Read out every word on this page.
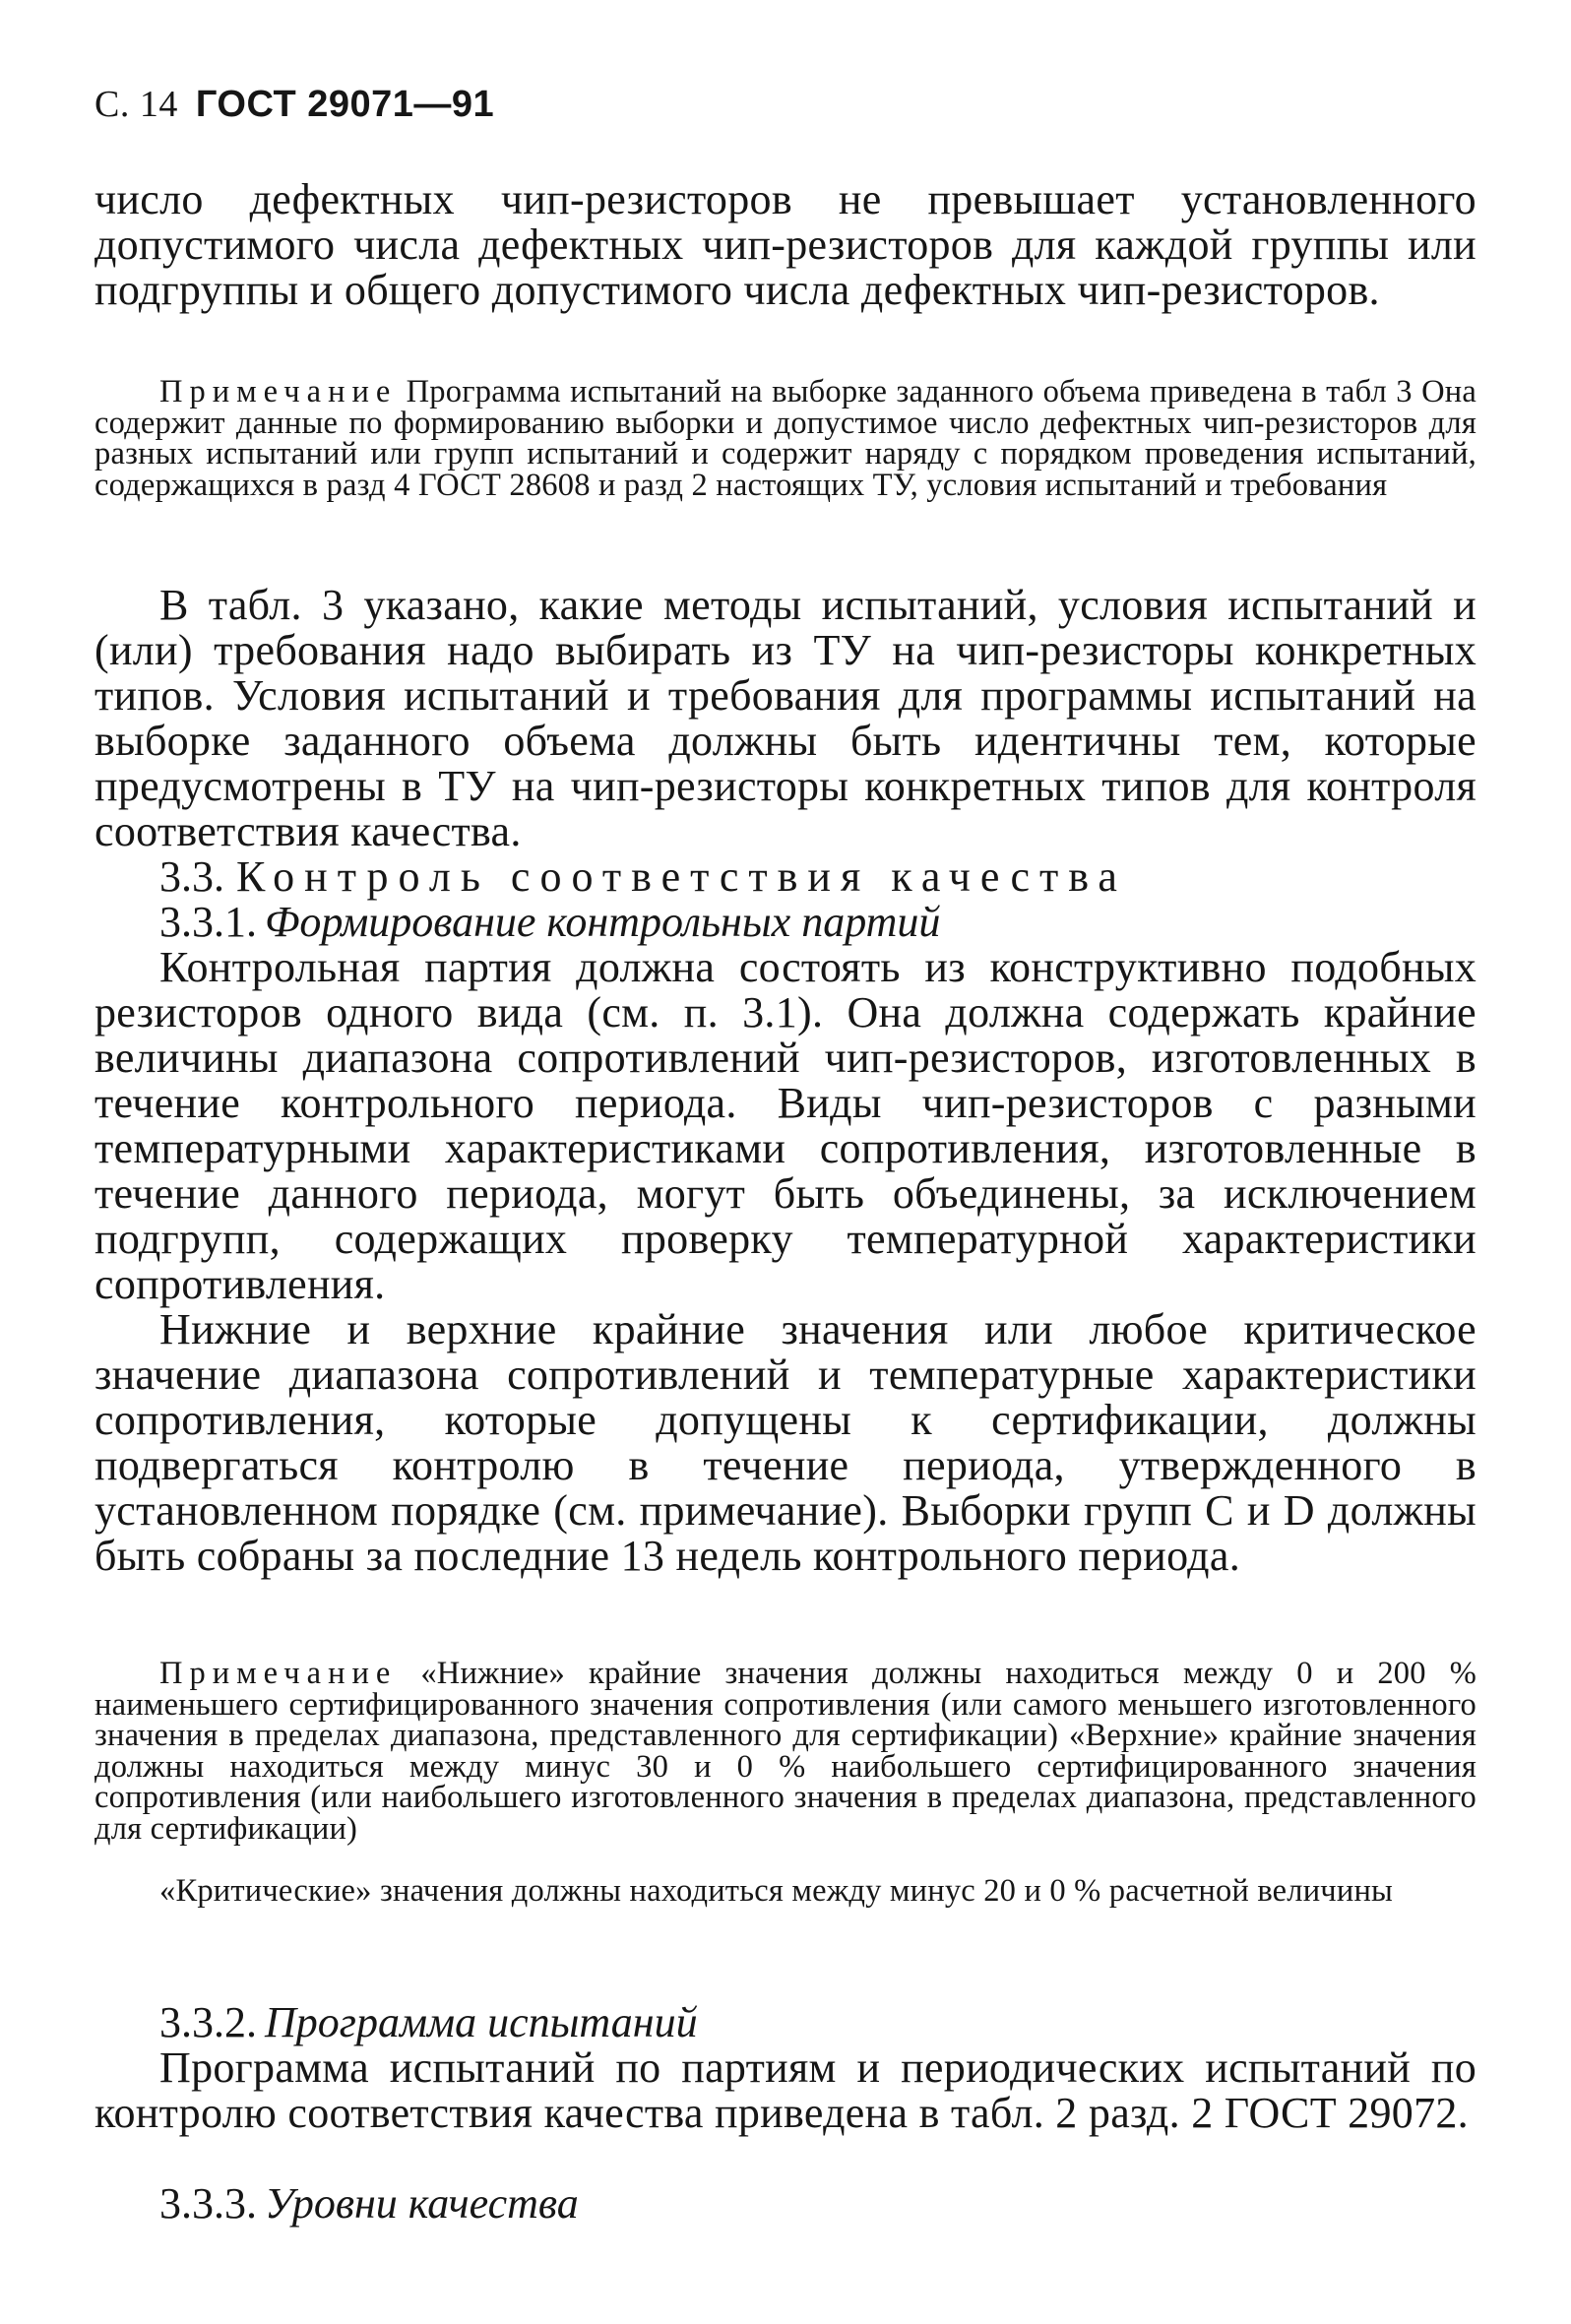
С. 14 ГОСТ 29071—91
число дефектных чип-резисторов не превышает установленного допустимого числа дефектных чип-резисторов для каждой группы или подгруппы и общего допустимого числа дефектных чип-резисторов.
Примечание Программа испытаний на выборке заданного объема приведена в табл 3 Она содержит данные по формированию выборки и допустимое число дефектных чип-резисторов для разных испытаний или групп испытаний и содержит наряду с порядком проведения испытаний, содержащихся в разд 4 ГОСТ 28608 и разд 2 настоящих ТУ, условия испытаний и требования
В табл. 3 указано, какие методы испытаний, условия испытаний и (или) требования надо выбирать из ТУ на чип-резисторы конкретных типов. Условия испытаний и требования для программы испытаний на выборке заданного объема должны быть идентичны тем, которые предусмотрены в ТУ на чип-резисторы конкретных типов для контроля соответствия качества.
3.3. Контроль соответствия качества
3.3.1. Формирование контрольных партий
Контрольная партия должна состоять из конструктивно подобных резисторов одного вида (см. п. 3.1). Она должна содержать крайние величины диапазона сопротивлений чип-резисторов, изготовленных в течение контрольного периода. Виды чип-резисторов с разными температурными характеристиками сопротивления, изготовленные в течение данного периода, могут быть объединены, за исключением подгрупп, содержащих проверку температурной характеристики сопротивления.
Нижние и верхние крайние значения или любое критическое значение диапазона сопротивлений и температурные характеристики сопротивления, которые допущены к сертификации, должны подвергаться контролю в течение периода, утвержденного в установленном порядке (см. примечание). Выборки групп С и D должны быть собраны за последние 13 недель контрольного периода.
Примечание «Нижние» крайние значения должны находиться между 0 и 200 % наименьшего сертифицированного значения сопротивления (или самого меньшего изготовленного значения в пределах диапазона, представленного для сертификации) «Верхние» крайние значения должны находиться между минус 30 и 0 % наибольшего сертифицированного значения сопротивления (или наибольшего изготовленного значения в пределах диапазона, представленного для сертификации)
«Критические» значения должны находиться между минус 20 и 0 % расчетной величины
3.3.2. Программа испытаний
Программа испытаний по партиям и периодических испытаний по контролю соответствия качества приведена в табл. 2 разд. 2 ГОСТ 29072.
3.3.3. Уровни качества
